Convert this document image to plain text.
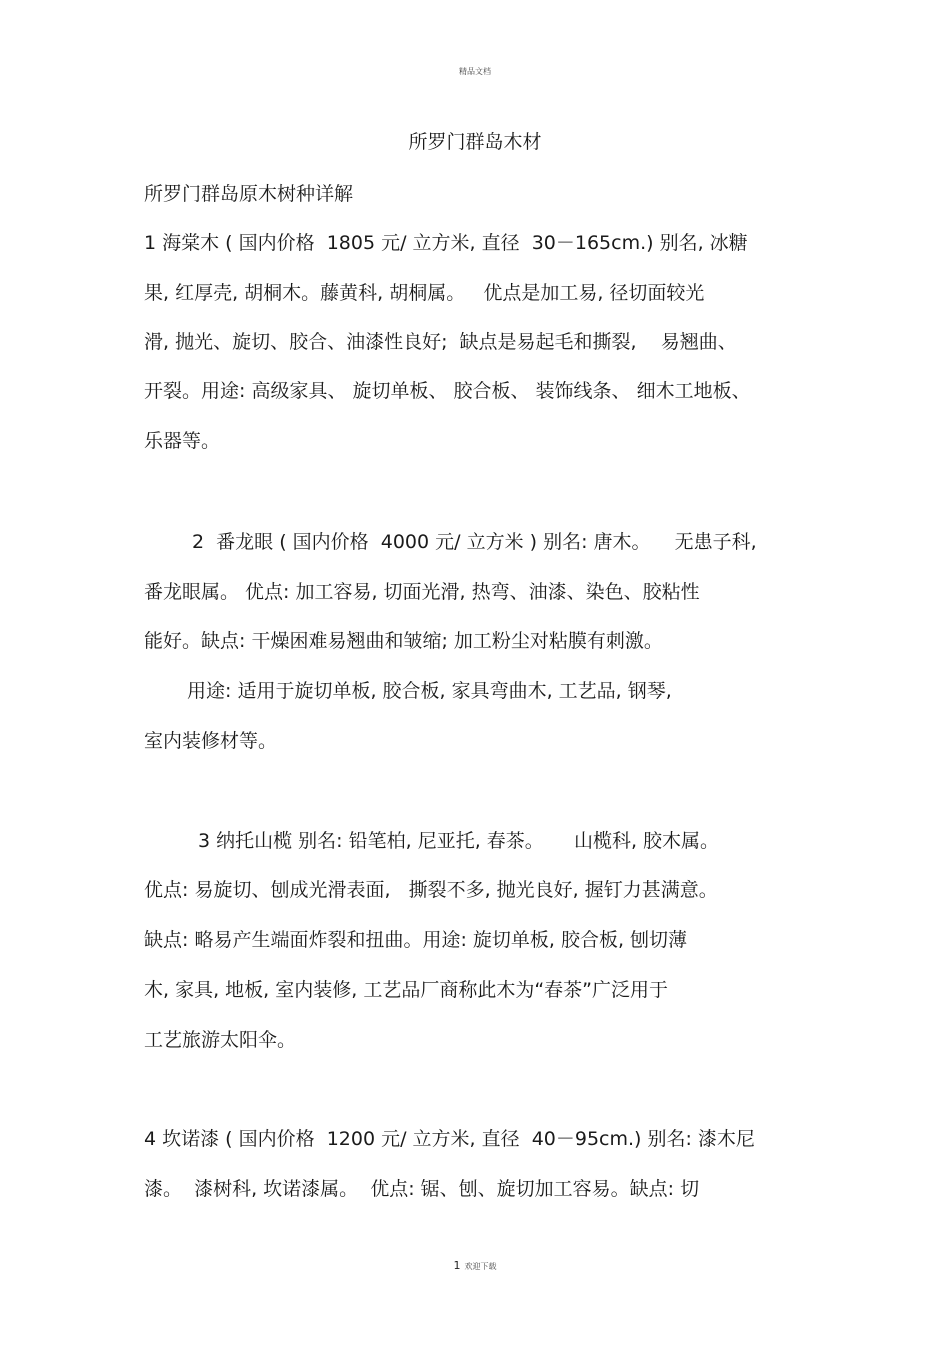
精品文档
所罗门群岛木材
所罗门群岛原木树种详解
1 海棠木 ( 国内价格  1805 元/ 立方米, 直径  30－165cm.) 别名, 冰糖
果, 红厚壳, 胡桐木。藤黄科, 胡桐属。   优点是加工易, 径切面较光
滑, 抛光、旋切、胶合、油漆性良好;  缺点是易起毛和撕裂,    易翘曲、
开裂。用途: 高级家具、 旋切单板、 胶合板、 装饰线条、 细木工地板、
乐器等。
2  番龙眼 ( 国内价格  4000 元/ 立方米 ) 别名: 唐木。    无患子科,
番龙眼属。 优点: 加工容易, 切面光滑, 热弯、油漆、染色、胶粘性
能好。缺点: 干燥困难易翘曲和皱缩; 加工粉尘对粘膜有刺激。
用途: 适用于旋切单板, 胶合板, 家具弯曲木, 工艺品, 钢琴,
室内装修材等。
3 纳托山榄 别名: 铅笔柏, 尼亚托, 春茶。     山榄科, 胶木属。
优点: 易旋切、刨成光滑表面,   撕裂不多, 抛光良好, 握钉力甚满意。
缺点: 略易产生端面炸裂和扭曲。用途: 旋切单板, 胶合板, 刨切薄
木, 家具, 地板, 室内装修, 工艺品厂商称此木为“春茶”广泛用于
工艺旅游太阳伞。
4 坎诺漆 ( 国内价格  1200 元/ 立方米, 直径  40－95cm.) 别名: 漆木尼
漆。  漆树科, 坎诺漆属。  优点: 锯、刨、旋切加工容易。缺点: 切
1 欢迎下载
